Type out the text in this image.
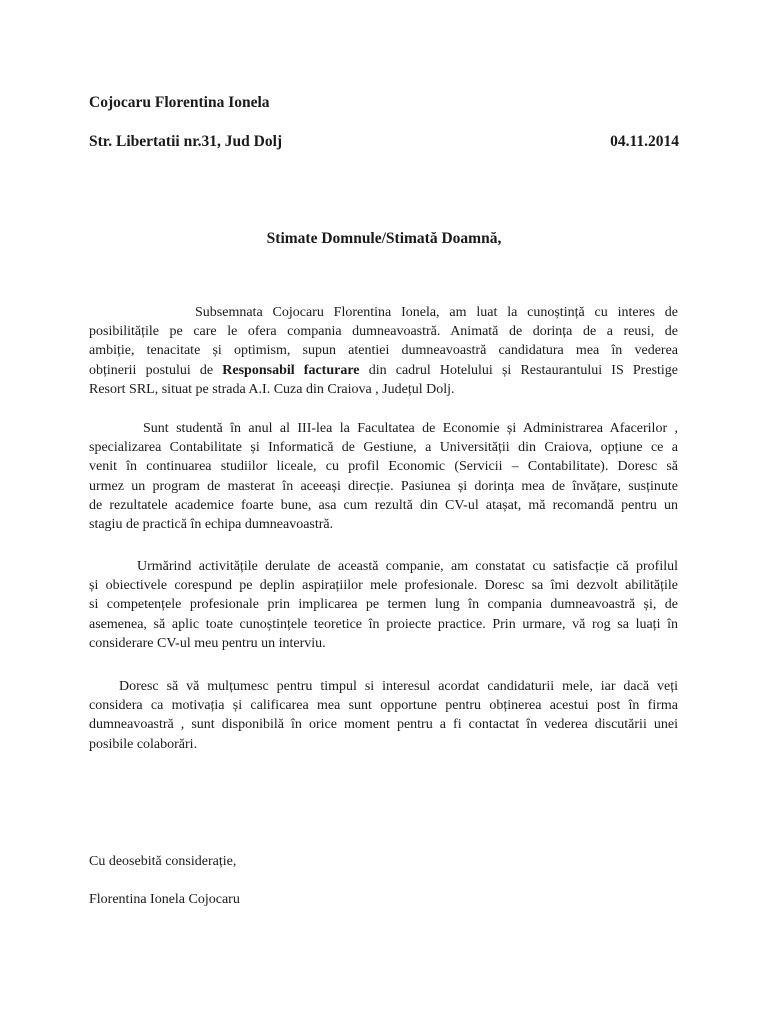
Cojocaru Florentina Ionela
Str. Libertatii nr.31, Jud Dolj	04.11.2014
Stimate Domnule/Stimată Doamnă,

Subsemnata Cojocaru Florentina Ionela, am luat la cunoștință cu interes de
posibilitățile pe care le ofera compania dumneavoastră. Animată de dorința de a reusi, de
ambiție, tenacitate și optimism, supun atentiei dumneavoastră candidatura mea în vederea
obținerii postului de Responsabil facturare din cadrul Hotelului și Restaurantului IS Prestige
Resort SRL, situat pe strada A.I. Cuza din Craiova , Județul Dolj.

Sunt studentă în anul al III-lea la Facultatea de Economie și Administrarea Afacerilor ,
specializarea Contabilitate și Informatică de Gestiune, a Universității din Craiova, opțiune ce a
venit în continuarea studiilor liceale, cu profil Economic (Servicii – Contabilitate). Doresc să
urmez un program de masterat în aceeași direcție. Pasiunea și dorința mea de învățare, susținute
de rezultatele academice foarte bune, asa cum rezultă din CV-ul atașat, mă recomandă pentru un
stagiu de practică în echipa dumneavoastră.

Urmărind activitățile derulate de această companie, am constatat cu satisfacție că profilul
și obiectivele corespund pe deplin aspirațiilor mele profesionale. Doresc sa îmi dezvolt abilitățile
si competențele profesionale prin implicarea pe termen lung în compania dumneavoastră și, de
asemenea, să aplic toate cunoștințele teoretice în proiecte practice. Prin urmare, vă rog sa luați în
considerare CV-ul meu pentru un interviu.

Doresc să vă mulțumesc pentru timpul si interesul acordat candidaturii mele, iar dacă veți
considera ca motivația și calificarea mea sunt opportune pentru obținerea acestui post în firma
dumneavoastră , sunt disponibilă în orice moment pentru a fi contactat în vederea discutării unei
posibile colaborări.

Cu deosebită considerație,
Florentina Ionela Cojocaru
